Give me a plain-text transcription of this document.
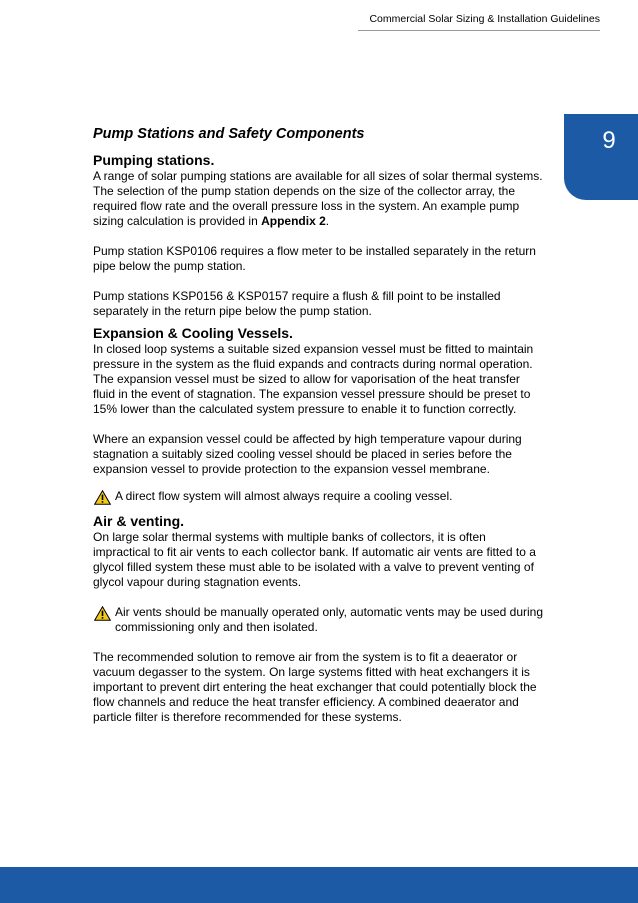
Commercial Solar Sizing & Installation Guidelines
9
Pump Stations and Safety Components
Pumping stations.

A range of solar pumping stations are available for all sizes of solar thermal systems. The selection of the pump station depends on the size of the collector array, the required flow rate and the overall pressure loss in the system. An example pump sizing calculation is provided in Appendix 2.

Pump station KSP0106 requires a flow meter to be installed separately in the return pipe below the pump station.

Pump stations KSP0156 & KSP0157 require a flush & fill point to be installed separately in the return pipe below the pump station.

Expansion & Cooling Vessels.

In closed loop systems a suitable sized expansion vessel must be fitted to maintain pressure in the system as the fluid expands and contracts during normal operation. The expansion vessel must be sized to allow for vaporisation of the heat transfer fluid in the event of stagnation. The expansion vessel pressure should be preset to 15% lower than the calculated system pressure to enable it to function correctly.

Where an expansion vessel could be affected by high temperature vapour during stagnation a suitably sized cooling vessel should be placed in series before the expansion vessel to provide protection to the expansion vessel membrane.

A direct flow system will almost always require a cooling vessel.
Air & venting.

On large solar thermal systems with multiple banks of collectors, it is often impractical to fit air vents to each collector bank. If automatic air vents are fitted to a glycol filled system these must able to be isolated with a valve to prevent venting of glycol vapour during stagnation events.

Air vents should be manually operated only, automatic vents may be used during commissioning only and then isolated.

The recommended solution to remove air from the system is to fit a deaerator or vacuum degasser to the system. On large systems fitted with heat exchangers it is important to prevent dirt entering the heat exchanger that could potentially block the flow channels and reduce the heat transfer efficiency. A combined deaerator and particle filter is therefore recommended for these systems.
